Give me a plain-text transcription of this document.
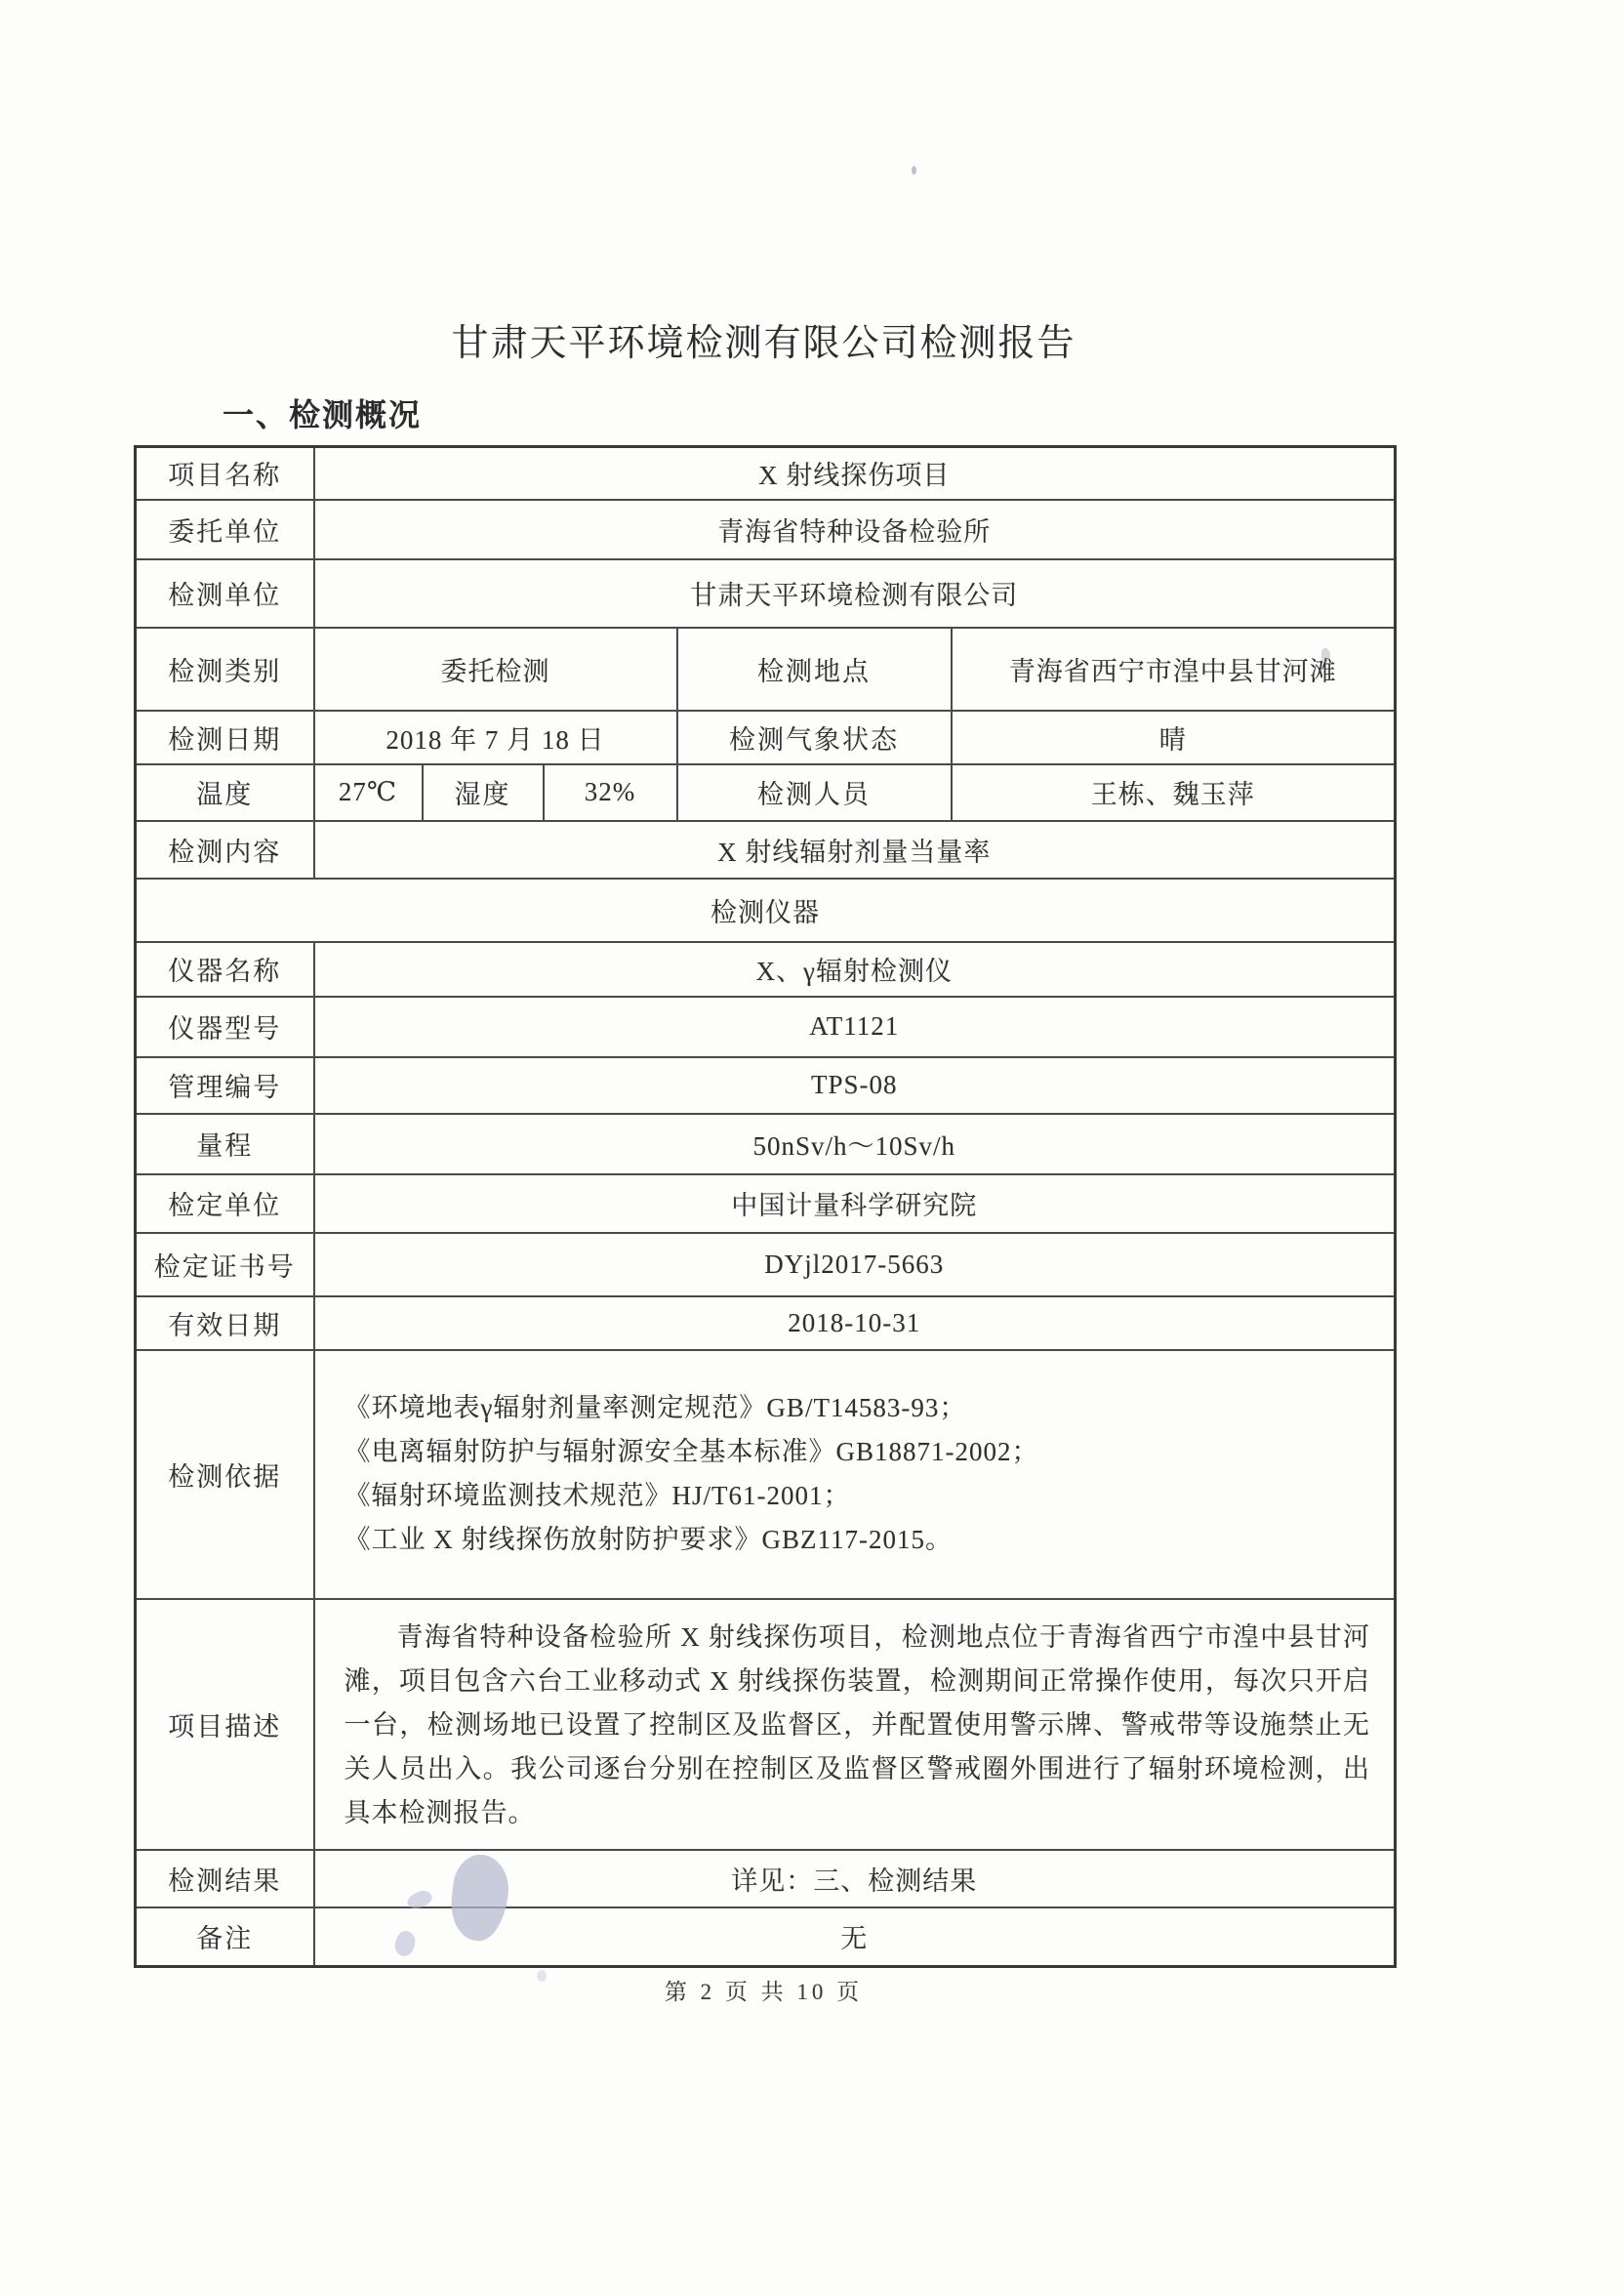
甘肃天平环境检测有限公司检测报告
一、检测概况
项目名称	X 射线探伤项目				
委托单位	青海省特种设备检验所				
检测单位	甘肃天平环境检测有限公司				
检测类别	委托检测			检测地点	青海省西宁市湟中县甘河滩
检测日期	2018 年 7 月 18 日			检测气象状态	晴
温度	27℃	湿度	32%	检测人员	王栋、魏玉萍
检测内容	X 射线辐射剂量当量率				
检测仪器					
仪器名称	X、γ辐射检测仪				
仪器型号	AT1121				
管理编号	TPS-08				
量程	50nSv/h～10Sv/h				
检定单位	中国计量科学研究院				
检定证书号	DYjl2017-5663				
有效日期	2018-10-31				
检测依据	《环境地表γ辐射剂量率测定规范》GB/T14583-93；
《电离辐射防护与辐射源安全基本标准》GB18871-2002；
《辐射环境监测技术规范》HJ/T61-2001；
《工业 X 射线探伤放射防护要求》GBZ117-2015。				

项目描述	青海省特种设备检验所 X 射线探伤项目，检测地点位于青海省西宁市湟中县甘河滩，项目包含六台工业移动式 X 射线探伤装置，检测期间正常操作使用，每次只开启一台，检测场地已设置了控制区及监督区，并配置使用警示牌、警戒带等设施禁止无关人员出入。我公司逐台分别在控制区及监督区警戒圈外围进行了辐射环境检测，出具本检测报告。				

检测结果	详见：三、检测结果				
备注	无				
第 2 页 共 10 页
